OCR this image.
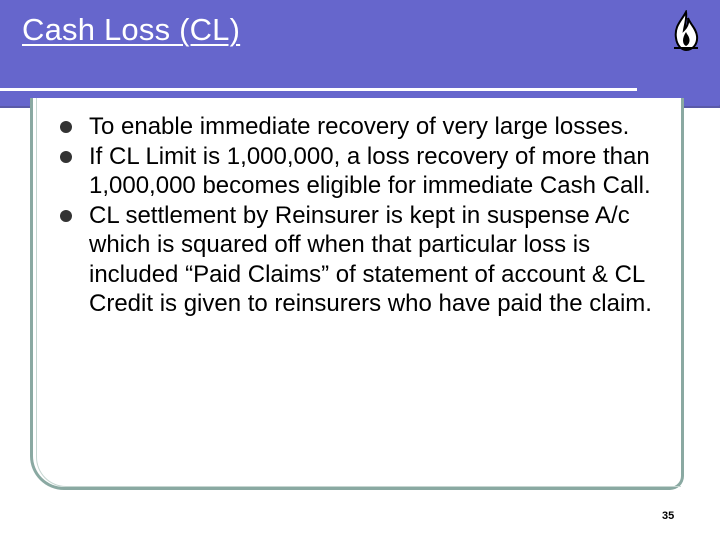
Cash Loss (CL)
To enable immediate recovery of very large losses.
If CL Limit is 1,000,000, a loss recovery of more than 1,000,000 becomes eligible for immediate Cash Call.
CL settlement by Reinsurer is kept in suspense A/c which is squared off when that particular loss is included “Paid Claims” of statement of account & CL Credit is given to reinsurers who have paid the claim.
35
